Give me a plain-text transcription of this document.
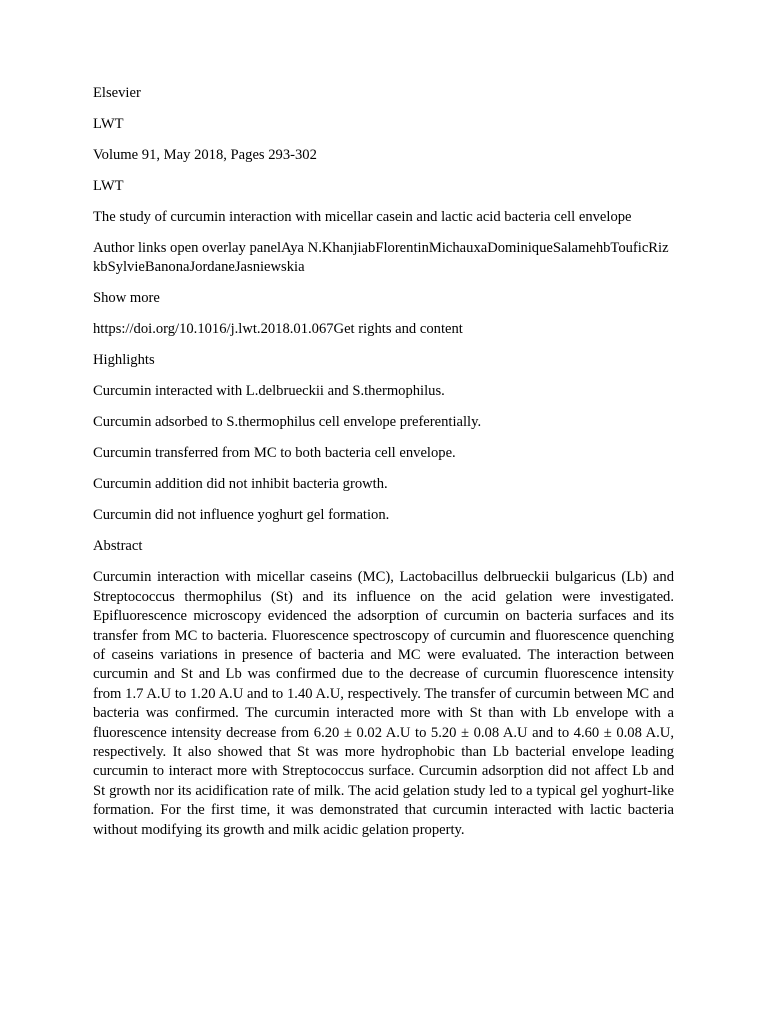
Elsevier

LWT

Volume 91, May 2018, Pages 293-302

LWT

The study of curcumin interaction with micellar casein and lactic acid bacteria cell envelope

Author links open overlay panelAya N.KhanjiabFlorentinMichauxaDominiqueSalamehbTouficRizkbSylvieBanonaJordaneJasniewskia

Show more

https://doi.org/10.1016/j.lwt.2018.01.067Get rights and content

Highlights

Curcumin interacted with L.delbrueckii and S.thermophilus.

Curcumin adsorbed to S.thermophilus cell envelope preferentially.

Curcumin transferred from MC to both bacteria cell envelope.

Curcumin addition did not inhibit bacteria growth.

Curcumin did not influence yoghurt gel formation.

Abstract

Curcumin interaction with micellar caseins (MC), Lactobacillus delbrueckii bulgaricus (Lb) and Streptococcus thermophilus (St) and its influence on the acid gelation were investigated. Epifluorescence microscopy evidenced the adsorption of curcumin on bacteria surfaces and its transfer from MC to bacteria. Fluorescence spectroscopy of curcumin and fluorescence quenching of caseins variations in presence of bacteria and MC were evaluated. The interaction between curcumin and St and Lb was confirmed due to the decrease of curcumin fluorescence intensity from 1.7 A.U to 1.20 A.U and to 1.40 A.U, respectively. The transfer of curcumin between MC and bacteria was confirmed. The curcumin interacted more with St than with Lb envelope with a fluorescence intensity decrease from 6.20 ± 0.02 A.U to 5.20 ± 0.08 A.U and to 4.60 ± 0.08 A.U, respectively. It also showed that St was more hydrophobic than Lb bacterial envelope leading curcumin to interact more with Streptococcus surface. Curcumin adsorption did not affect Lb and St growth nor its acidification rate of milk. The acid gelation study led to a typical gel yoghurt-like formation. For the first time, it was demonstrated that curcumin interacted with lactic bacteria without modifying its growth and milk acidic gelation property.
